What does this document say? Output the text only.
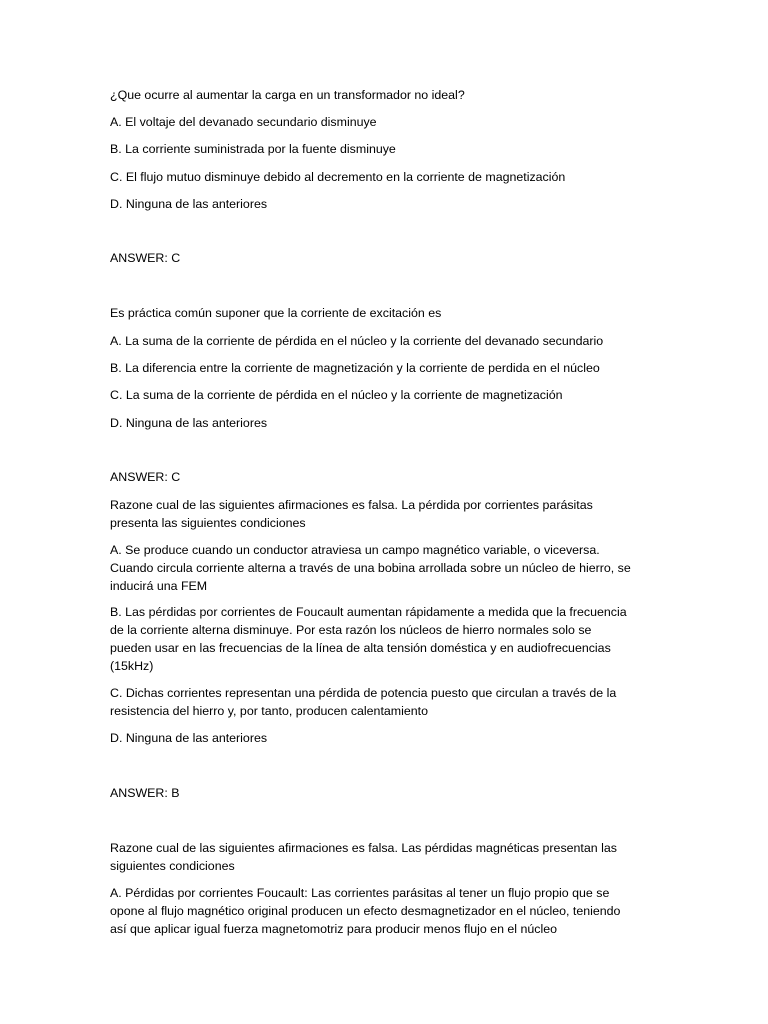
¿Que ocurre al aumentar la carga en un transformador no ideal?
A. El voltaje del devanado secundario disminuye
B. La corriente suministrada por la fuente disminuye
C. El flujo mutuo disminuye debido al decremento en la corriente de magnetización
D. Ninguna de las anteriores
ANSWER: C
Es práctica común suponer que la corriente de excitación es
A. La suma de la corriente de pérdida en el núcleo y la corriente del devanado secundario
B. La diferencia entre la corriente de magnetización y la corriente de perdida en el núcleo
C. La suma de la corriente de pérdida en el núcleo y la corriente de magnetización
D. Ninguna de las anteriores
ANSWER: C
Razone cual de las siguientes afirmaciones es falsa. La pérdida por corrientes parásitas
presenta las siguientes condiciones
A. Se produce cuando un conductor atraviesa un campo magnético variable, o viceversa.
Cuando circula corriente alterna a través de una bobina arrollada sobre un núcleo de hierro, se
inducirá una FEM
B. Las pérdidas por corrientes de Foucault aumentan rápidamente a medida que la frecuencia
de la corriente alterna disminuye. Por esta razón los núcleos de hierro normales solo se
pueden usar en las frecuencias de la línea de alta tensión doméstica y en audiofrecuencias
(15kHz)
C. Dichas corrientes representan una pérdida de potencia puesto que circulan a través de la
resistencia del hierro y, por tanto, producen calentamiento
D. Ninguna de las anteriores
ANSWER: B
Razone cual de las siguientes afirmaciones es falsa. Las pérdidas magnéticas presentan las
siguientes condiciones
A. Pérdidas por corrientes Foucault: Las corrientes parásitas al tener un flujo propio que se
opone al flujo magnético original producen un efecto desmagnetizador en el núcleo, teniendo
así que aplicar igual fuerza magnetomotriz para producir menos flujo en el núcleo
